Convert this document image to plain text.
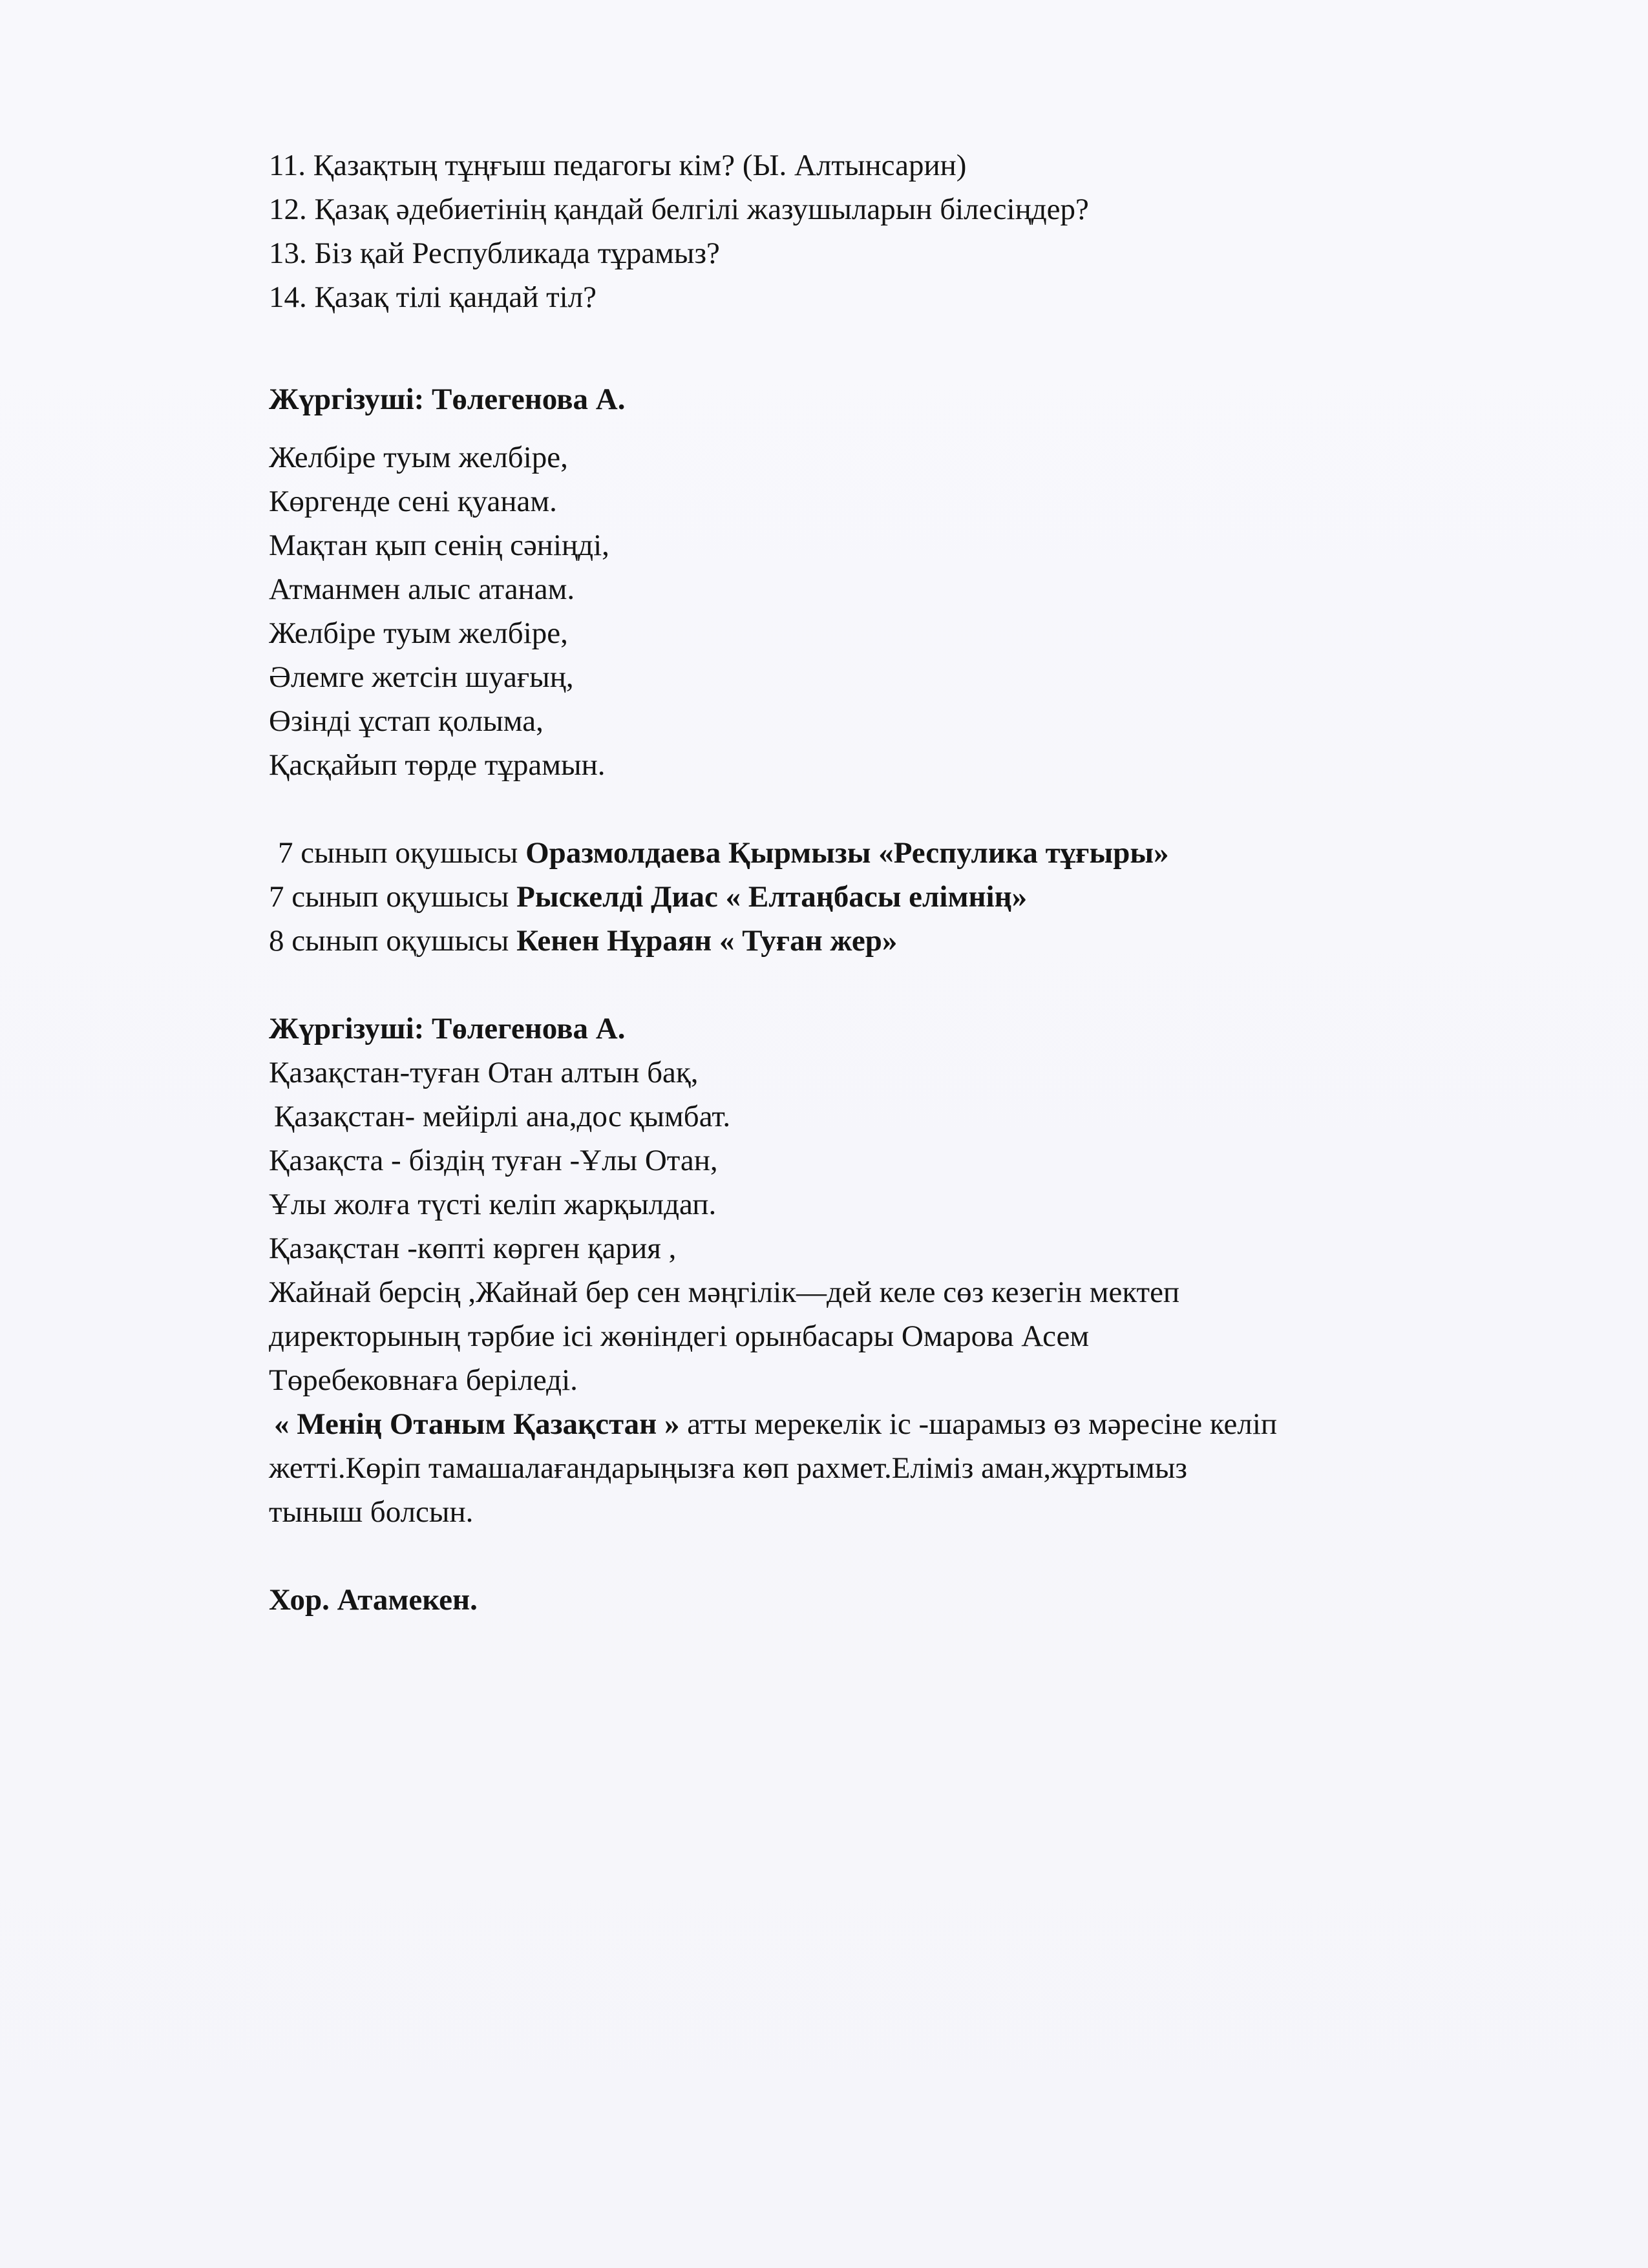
11. Қазақтың тұңғыш педагогы кім? (Ы. Алтынсарин)
12. Қазақ әдебиетінің қандай белгілі жазушыларын білесіңдер?
13. Біз қай Республикада тұрамыз?
14. Қазақ тілі қандай тіл?
Жүргізуші: Төлегенова А.
Желбіре туым желбіре,
Көргенде сені қуанам.
Мақтан қып сенің сәніңді,
Атманмен алыс атанам.
Желбіре туым желбіре,
Әлемге жетсін шуағың,
Өзінді ұстап қолыма,
Қасқайып төрде тұрамын.
7 сынып оқушысы Оразмолдаева Қырмызы «Респулика тұғыры»
7 сынып оқушысы Рыскелді Диас « Елтаңбасы елімнің»
8 сынып оқушысы Кенен Нұраян « Туған жер»
Жүргізуші: Төлегенова А.
Қазақстан-туған Отан алтын бақ,
Қазақстан- мейірлі ана,дос қымбат.
Қазақста - біздің туған -Ұлы Отан,
Ұлы жолға түсті келіп жарқылдап.
Қазақстан -көпті көрген қария ,
Жайнай берсің ,Жайнай бер сен мәңгілік—дей келе сөз кезегін мектеп
директорының тәрбие ісі жөніндегі орынбасары Омарова Асем
Төребековнаға беріледі.
« Менің Отаным Қазақстан » атты мерекелік іс -шарамыз өз мәресіне келіп
жетті.Көріп тамашалағандарыңызға көп рахмет.Еліміз аман,жұртымыз
тыныш болсын.
Хор. Атамекен.
